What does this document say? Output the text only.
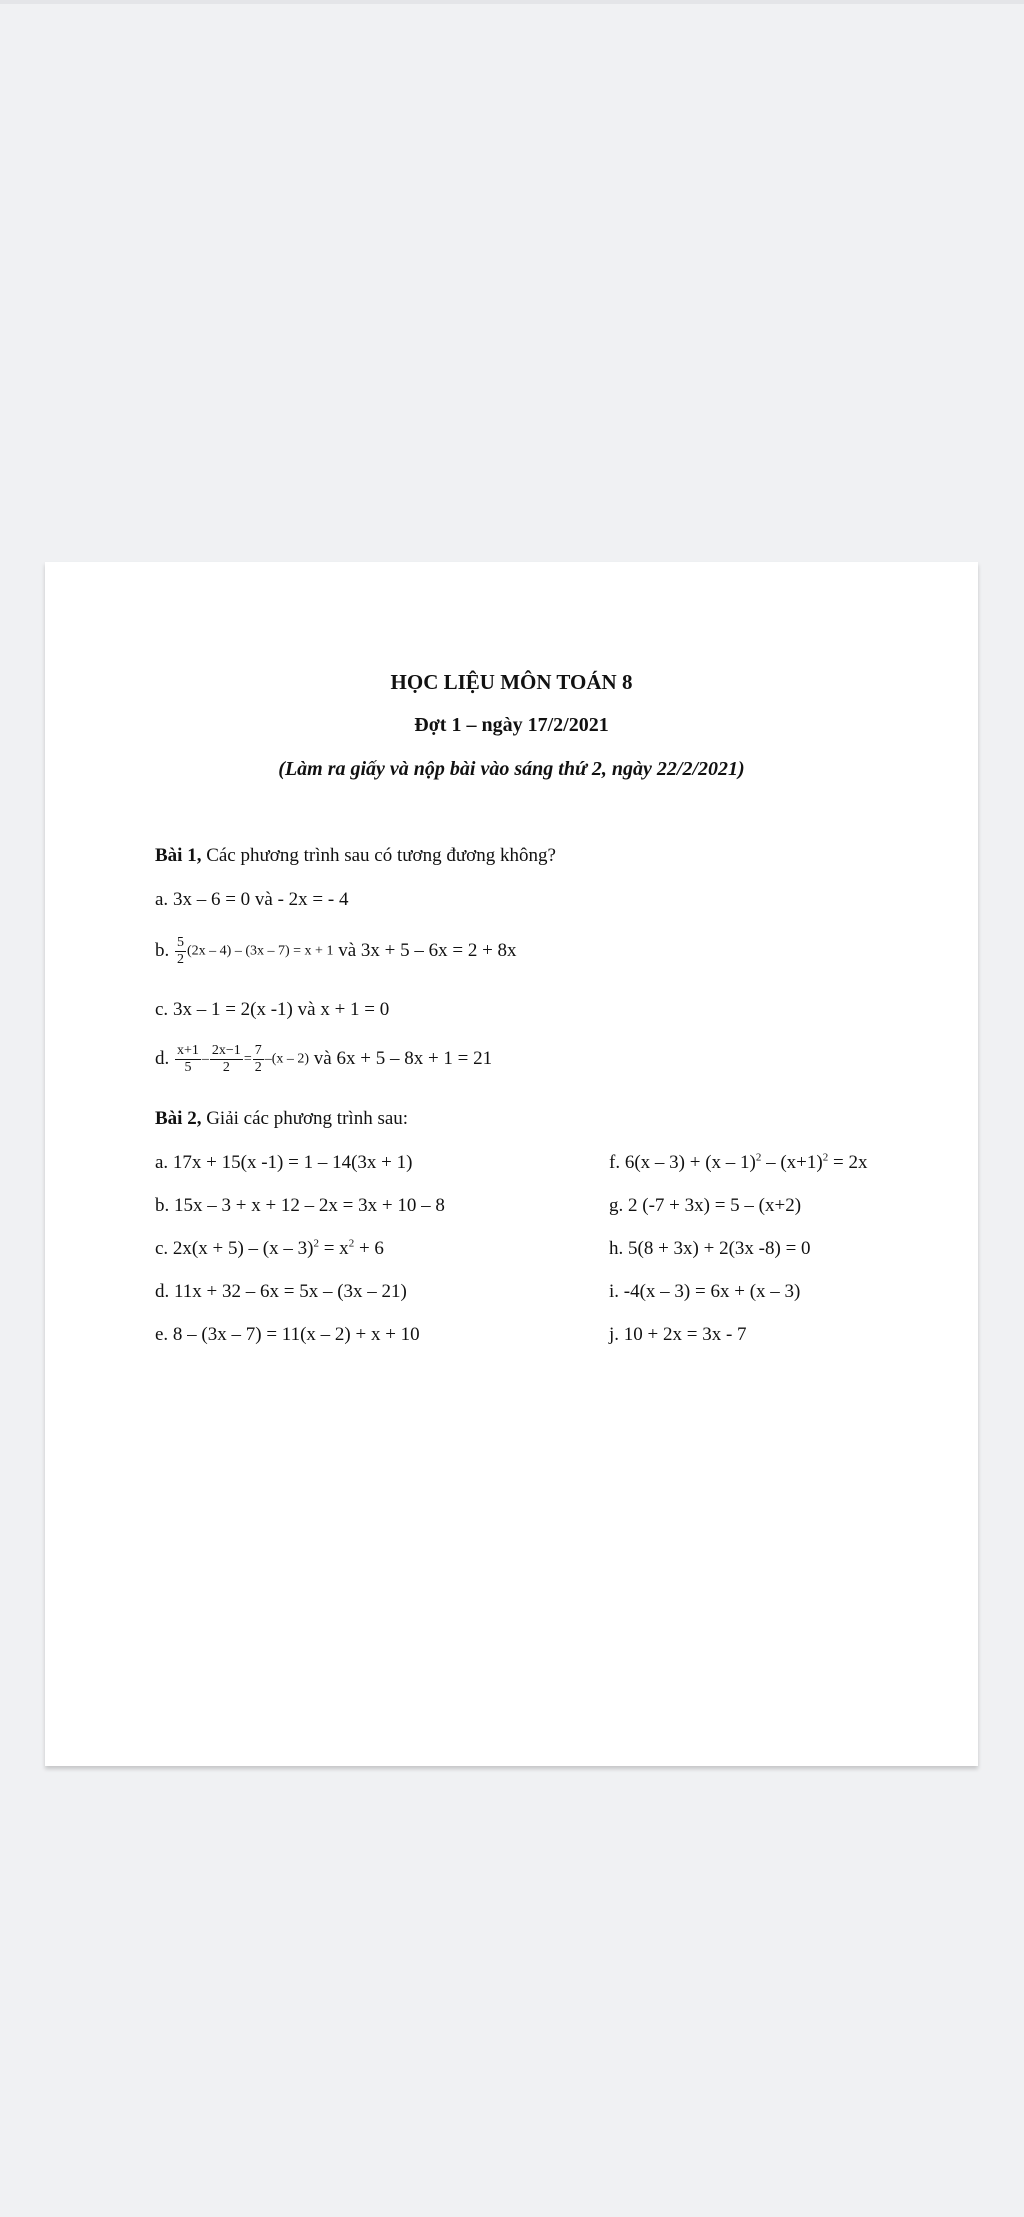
HỌC LIỆU MÔN TOÁN 8
Đợt 1 – ngày 17/2/2021
(Làm ra giấy và nộp bài vào sáng thứ 2, ngày 22/2/2021)
Bài 1, Các phương trình sau có tương đương không?
a. 3x – 6 = 0 và - 2x = - 4
b. $\frac{5}{2} (2x - 4) - (3x - 7) = x + 1$ và 3x + 5 – 6x = 2 + 8x
c. 3x – 1 = 2(x -1) và x + 1 = 0
d. $\frac{x+1}{5} - \frac{2x-1}{2} = \frac{7}{2} -(x - 2)$ và 6x + 5 – 8x + 1 = 21
Bài 2, Giải các phương trình sau:
a. 17x + 15(x -1) = 1 – 14(3x + 1)
b. 15x – 3 + x + 12 – 2x = 3x + 10 – 8
c. $2x(x + 5) - (x - 3)^2 = x^2 + 6$
d. 11x + 32 – 6x = 5x – (3x – 21)
e. 8 – (3x – 7) = 11(x – 2) + x + 10
f. $6(x - 3) + (x - 1)^2 - (x+1)^2 = 2x$
g. 2 (-7 + 3x) = 5 – (x+2)
h. 5(8 + 3x) + 2(3x -8) = 0
i. -4(x – 3) = 6x + (x – 3)
j. 10 + 2x = 3x - 7
